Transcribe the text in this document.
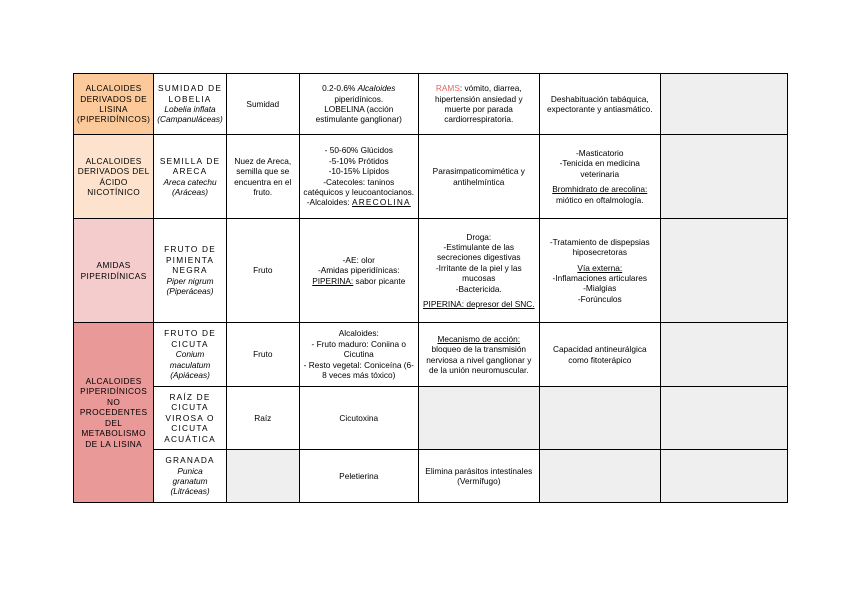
ALCALOIDES DERIVADOS DE LISINA (PIPERIDÍNICOS)	SUMIDAD DE
LOBELIA
Lobelia inflata
(Campanuláceas)	Sumidad	0.2-0.6% Alcaloides
piperidínicos.
LOBELINA (acción estimulante ganglionar)	RAMS: vómito, diarrea, hipertensión ansiedad y muerte por parada cardiorrespiratoria.	Deshabituación tabáquica, expectorante y antiasmático.	
ALCALOIDES DERIVADOS DEL ÁCIDO NICOTÍNICO	SEMILLA DE
ARECA
Areca catechu
(Aráceas)	Nuez de Areca, semilla que se encuentra en el fruto.	- 50-60% Glúcidos
-5-10% Prótidos
-10-15% Lípidos
-Catecoles: taninos catéquicos y leucoantocianos.
-Alcaloides: ARECOLINA	Parasimpaticomimética y antihelmíntica	-Masticatorio
-Tenicida en medicina veterinaria
Bromhidrato de arecolina:
miótico en oftalmología.	

AMIDAS PIPERIDÍNICAS	FRUTO DE
PIMIENTA
NEGRA
Piper nigrum
(Piperáceas)	Fruto	-AE: olor
-Amidas piperidínicas:
PIPERINA: sabor picante	Droga:
-Estimulante de las secreciones digestivas
-Irritante de la piel y las mucosas
-Bactericida.
PIPERINA: depresor del SNC.	-Tratamiento de dispepsias hiposecretoras
Vía externa:
-Inflamaciones articulares
-Mialgias
-Forúnculos	

ALCALOIDES PIPERIDÍNICOS NO PROCEDENTES DEL METABOLISMO DE LA LISINA	FRUTO DE
CICUTA
Conium
maculatum
(Apiáceas)	Fruto	Alcaloides:
- Fruto maduro: Coniina o Cicutina
- Resto vegetal: Coniceína (6-8 veces más tóxico)	Mecanismo de acción: bloqueo de la transmisión nerviosa a nivel ganglionar y de la unión neuromuscular.	Capacidad antineurálgica como fitoterápico	

	RAÍZ DE
CICUTA
VIROSA O
CICUTA
ACUÁTICA	Raíz	Cicutoxina			

	GRANADA
Punica
granatum
(Litráceas)		Peletierina	Elimina parásitos intestinales (Vermífugo)		
